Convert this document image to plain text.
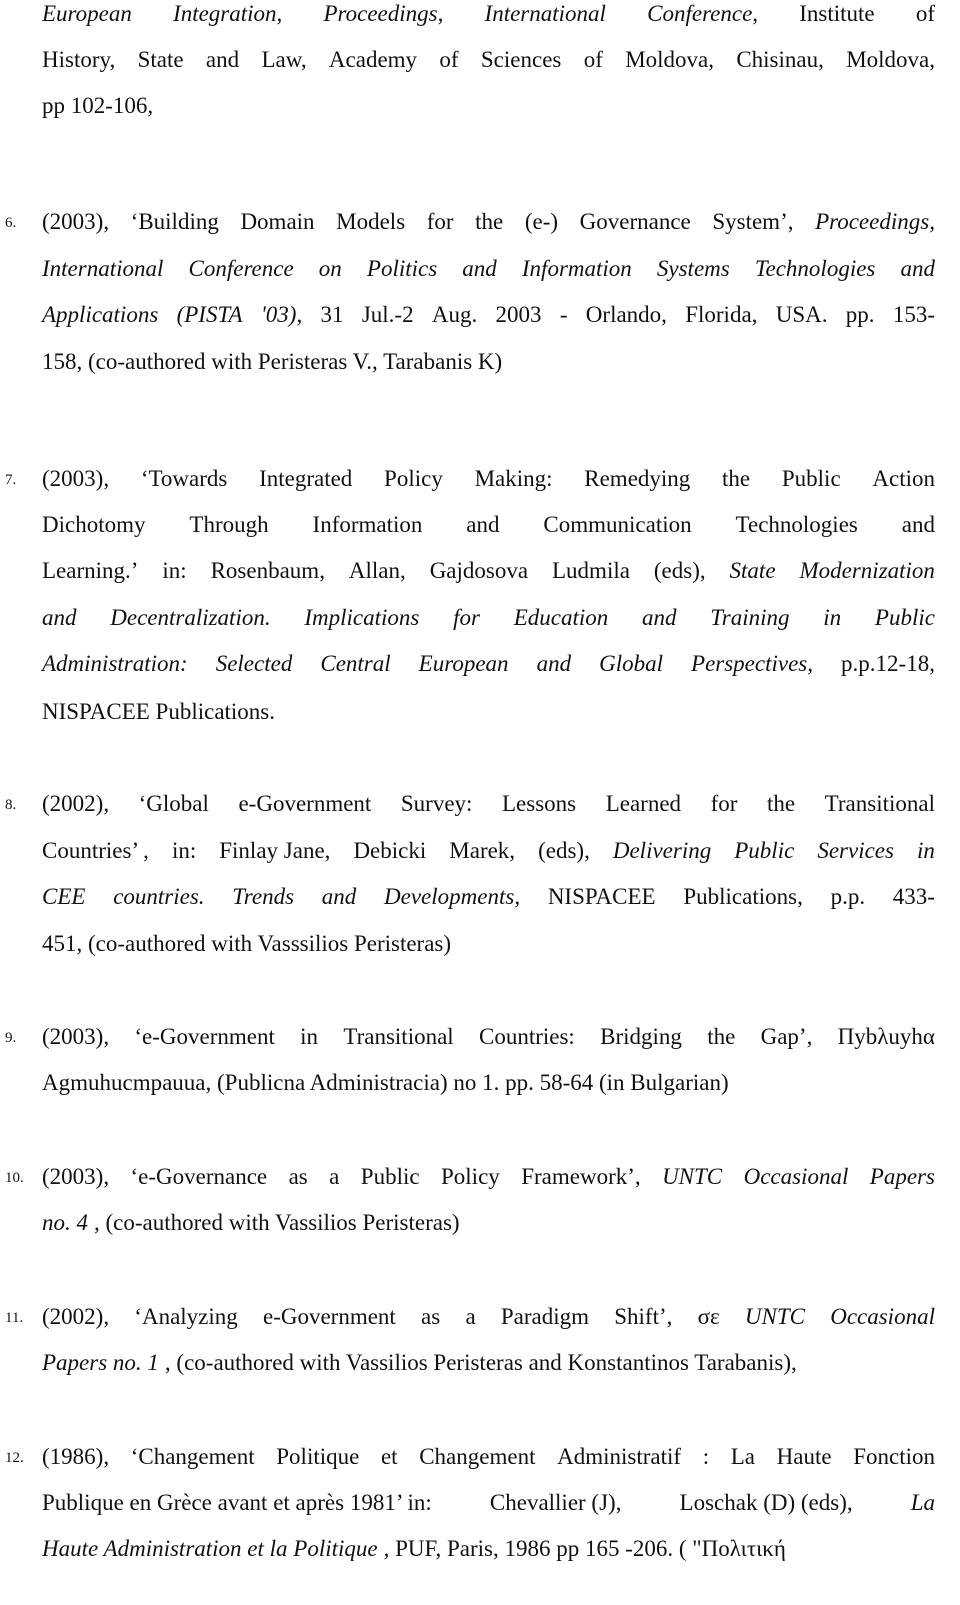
European Integration, Proceedings, International Conference, Institute of
History, State and Law, Academy of Sciences of Moldova, Chisinau, Moldova,
pp 102-106,
6.	(2003), ‘Building Domain Models for the (e-) Governance System’, Proceedings,
International Conference on Politics and Information Systems Technologies and
Applications (PISTA '03), 31 Jul.-2 Aug. 2003 - Orlando, Florida, USA. pp. 153-
158, (co-authored with Peristeras V., Tarabanis K)
7.	(2003), ‘Towards Integrated Policy Making: Remedying the Public Action
Dichotomy Through Information and Communication Technologies and
Learning.’ in: Rosenbaum, Allan, Gajdosova Ludmila (eds), State Modernization
and Decentralization. Implications for Education and Training in Public
Administration: Selected Central European and Global Perspectives, p.p.12-18,
NISPACEE Publications.
8.	(2002), ‘Global e-Government Survey: Lessons Learned for the Transitional
Countries’ , in: Finlay Jane, Debicki Marek, (eds), Delivering Public Services in
CEE countries. Trends and Developments, NISPACEE Publications, p.p. 433-
451, (co-authored with Vasssilios Peristeras)
9.	(2003), ‘e-Government in Transitional Countries: Bridging the Gap’, Пybλuyhα
Agmuhucmpauua, (Publicna Administracia) no 1. pp. 58-64 (in Bulgarian)
10. (2003), ‘e-Governance as a Public Policy Framework’, UNTC Occasional Papers
no. 4 , (co-authored with Vassilios Peristeras)
11. (2002), ‘Analyzing e-Government as a Paradigm Shift’, σε UNTC Occasional
Papers no. 1 , (co-authored with Vassilios Peristeras and Konstantinos Tarabanis),
12. (1986), ‘Changement Politique et Changement Administratif : La Haute Fonction
Publique en Grèce avant et après 1981’ in:	Chevallier (J),	Loschak (D) (eds),	La
Haute Administration et la Politique , PUF, Paris, 1986 pp 165 -206. ( "Πολιτική
